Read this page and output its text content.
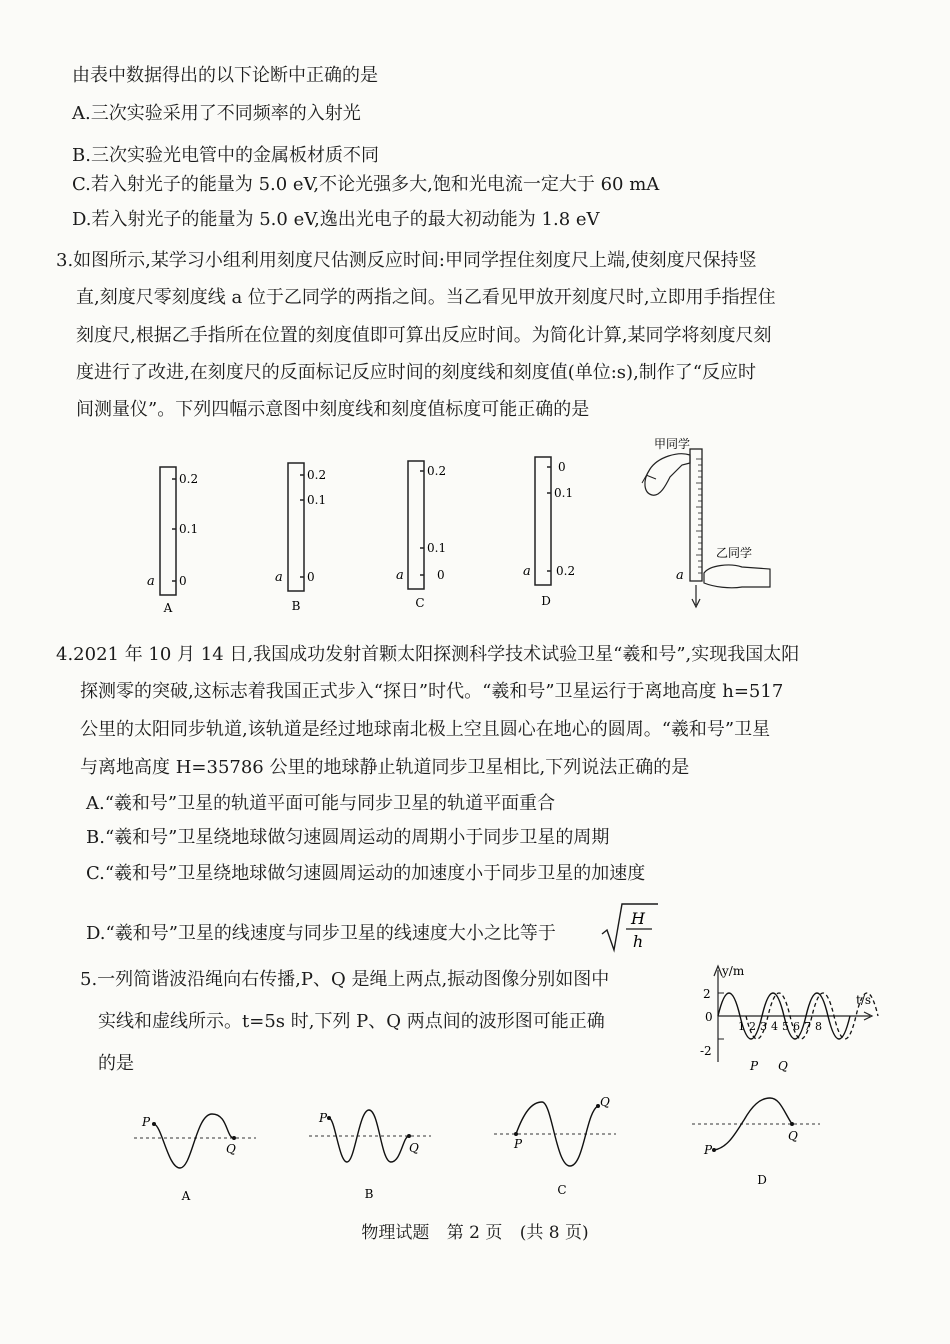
由表中数据得出的以下论断中正确的是
A.三次实验采用了不同频率的入射光
B.三次实验光电管中的金属板材质不同
C.若入射光子的能量为 5.0 eV,不论光强多大,饱和光电流一定大于 60 mA
D.若入射光子的能量为 5.0 eV,逸出光电子的最大初动能为 1.8 eV
3.如图所示,某学习小组利用刻度尺估测反应时间:甲同学捏住刻度尺上端,使刻度尺保持竖
直,刻度尺零刻度线 a 位于乙同学的两指之间。当乙看见甲放开刻度尺时,立即用手指捏住
刻度尺,根据乙手指所在位置的刻度值即可算出反应时间。为简化计算,某同学将刻度尺刻
度进行了改进,在刻度尺的反面标记反应时间的刻度线和刻度值(单位:s),制作了“反应时
间测量仪”。下列四幅示意图中刻度线和刻度值标度可能正确的是
0.2
0.1
0
a
A
0.2
0.1
0
a
B
0.2
0.1
0
a
C
0
0.1
0.2
a
D
甲同学
乙同学
a
4.2021 年 10 月 14 日,我国成功发射首颗太阳探测科学技术试验卫星“羲和号”,实现我国太阳
探测零的突破,这标志着我国正式步入“探日”时代。“羲和号”卫星运行于离地高度 h=517
公里的太阳同步轨道,该轨道是经过地球南北极上空且圆心在地心的圆周。“羲和号”卫星
与离地高度 H=35786 公里的地球静止轨道同步卫星相比,下列说法正确的是
A.“羲和号”卫星的轨道平面可能与同步卫星的轨道平面重合
B.“羲和号”卫星绕地球做匀速圆周运动的周期小于同步卫星的周期
C.“羲和号”卫星绕地球做匀速圆周运动的加速度小于同步卫星的加速度
D.“羲和号”卫星的线速度与同步卫星的线速度大小之比等于
H
h
5.一列简谐波沿绳向右传播,P、Q 是绳上两点,振动图像分别如图中
实线和虚线所示。t=5s 时,下列 P、Q 两点间的波形图可能正确
的是
y/m
t/s
2
0
-2
1 2 3 4 5 6 7 8
P Q
P
Q
A
P
Q
B
P
Q
C
P
Q
D
物理试题 第 2 页 (共 8 页)
